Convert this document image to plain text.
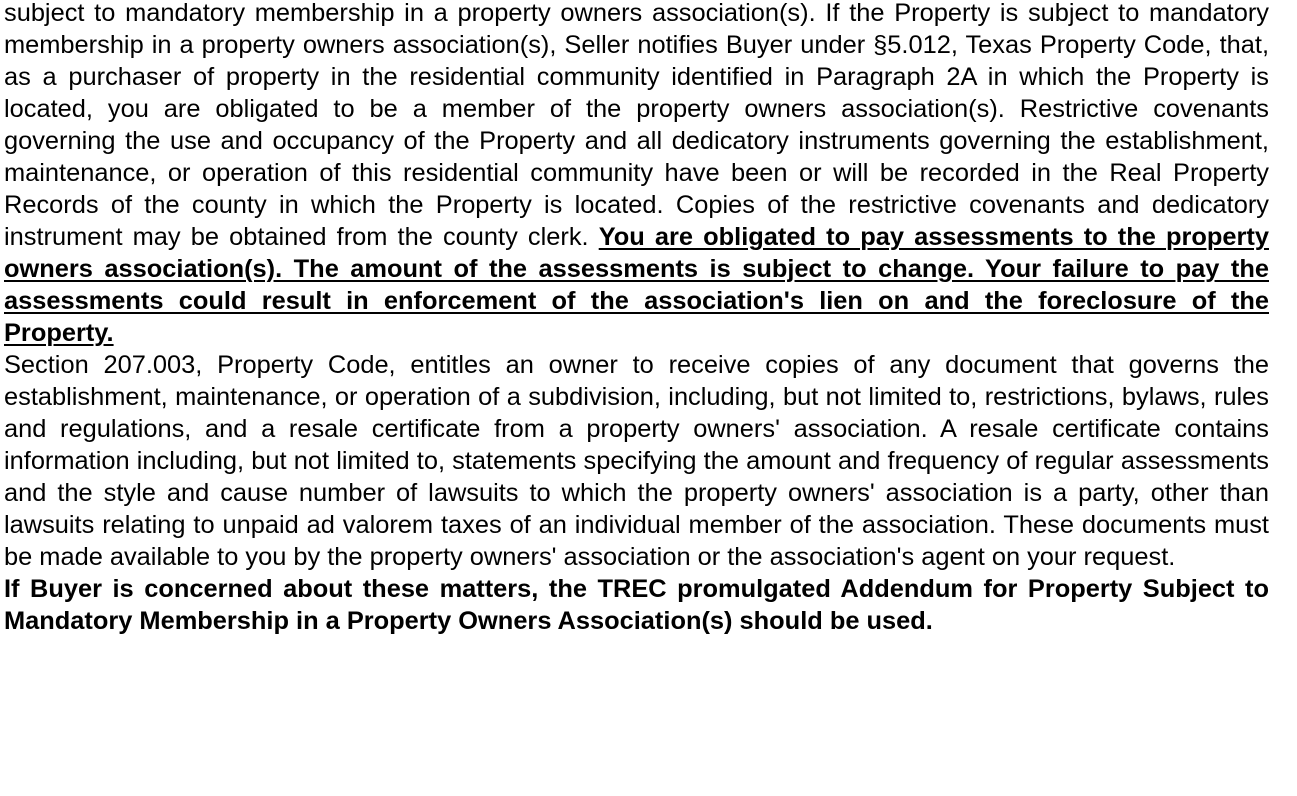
subject to mandatory membership in a property owners association(s). If the Property is subject to mandatory membership in a property owners association(s), Seller notifies Buyer under §5.012, Texas Property Code, that, as a purchaser of property in the residential community identified in Paragraph 2A in which the Property is located, you are obligated to be a member of the property owners association(s). Restrictive covenants governing the use and occupancy of the Property and all dedicatory instruments governing the establishment, maintenance, or operation of this residential community have been or will be recorded in the Real Property Records of the county in which the Property is located. Copies of the restrictive covenants and dedicatory instrument may be obtained from the county clerk. You are obligated to pay assessments to the property owners association(s). The amount of the assessments is subject to change. Your failure to pay the assessments could result in enforcement of the association's lien on and the foreclosure of the Property.

Section 207.003, Property Code, entitles an owner to receive copies of any document that governs the establishment, maintenance, or operation of a subdivision, including, but not limited to, restrictions, bylaws, rules and regulations, and a resale certificate from a property owners' association. A resale certificate contains information including, but not limited to, statements specifying the amount and frequency of regular assessments and the style and cause number of lawsuits to which the property owners' association is a party, other than lawsuits relating to unpaid ad valorem taxes of an individual member of the association. These documents must be made available to you by the property owners' association or the association's agent on your request.

If Buyer is concerned about these matters, the TREC promulgated Addendum for Property Subject to Mandatory Membership in a Property Owners Association(s) should be used.
